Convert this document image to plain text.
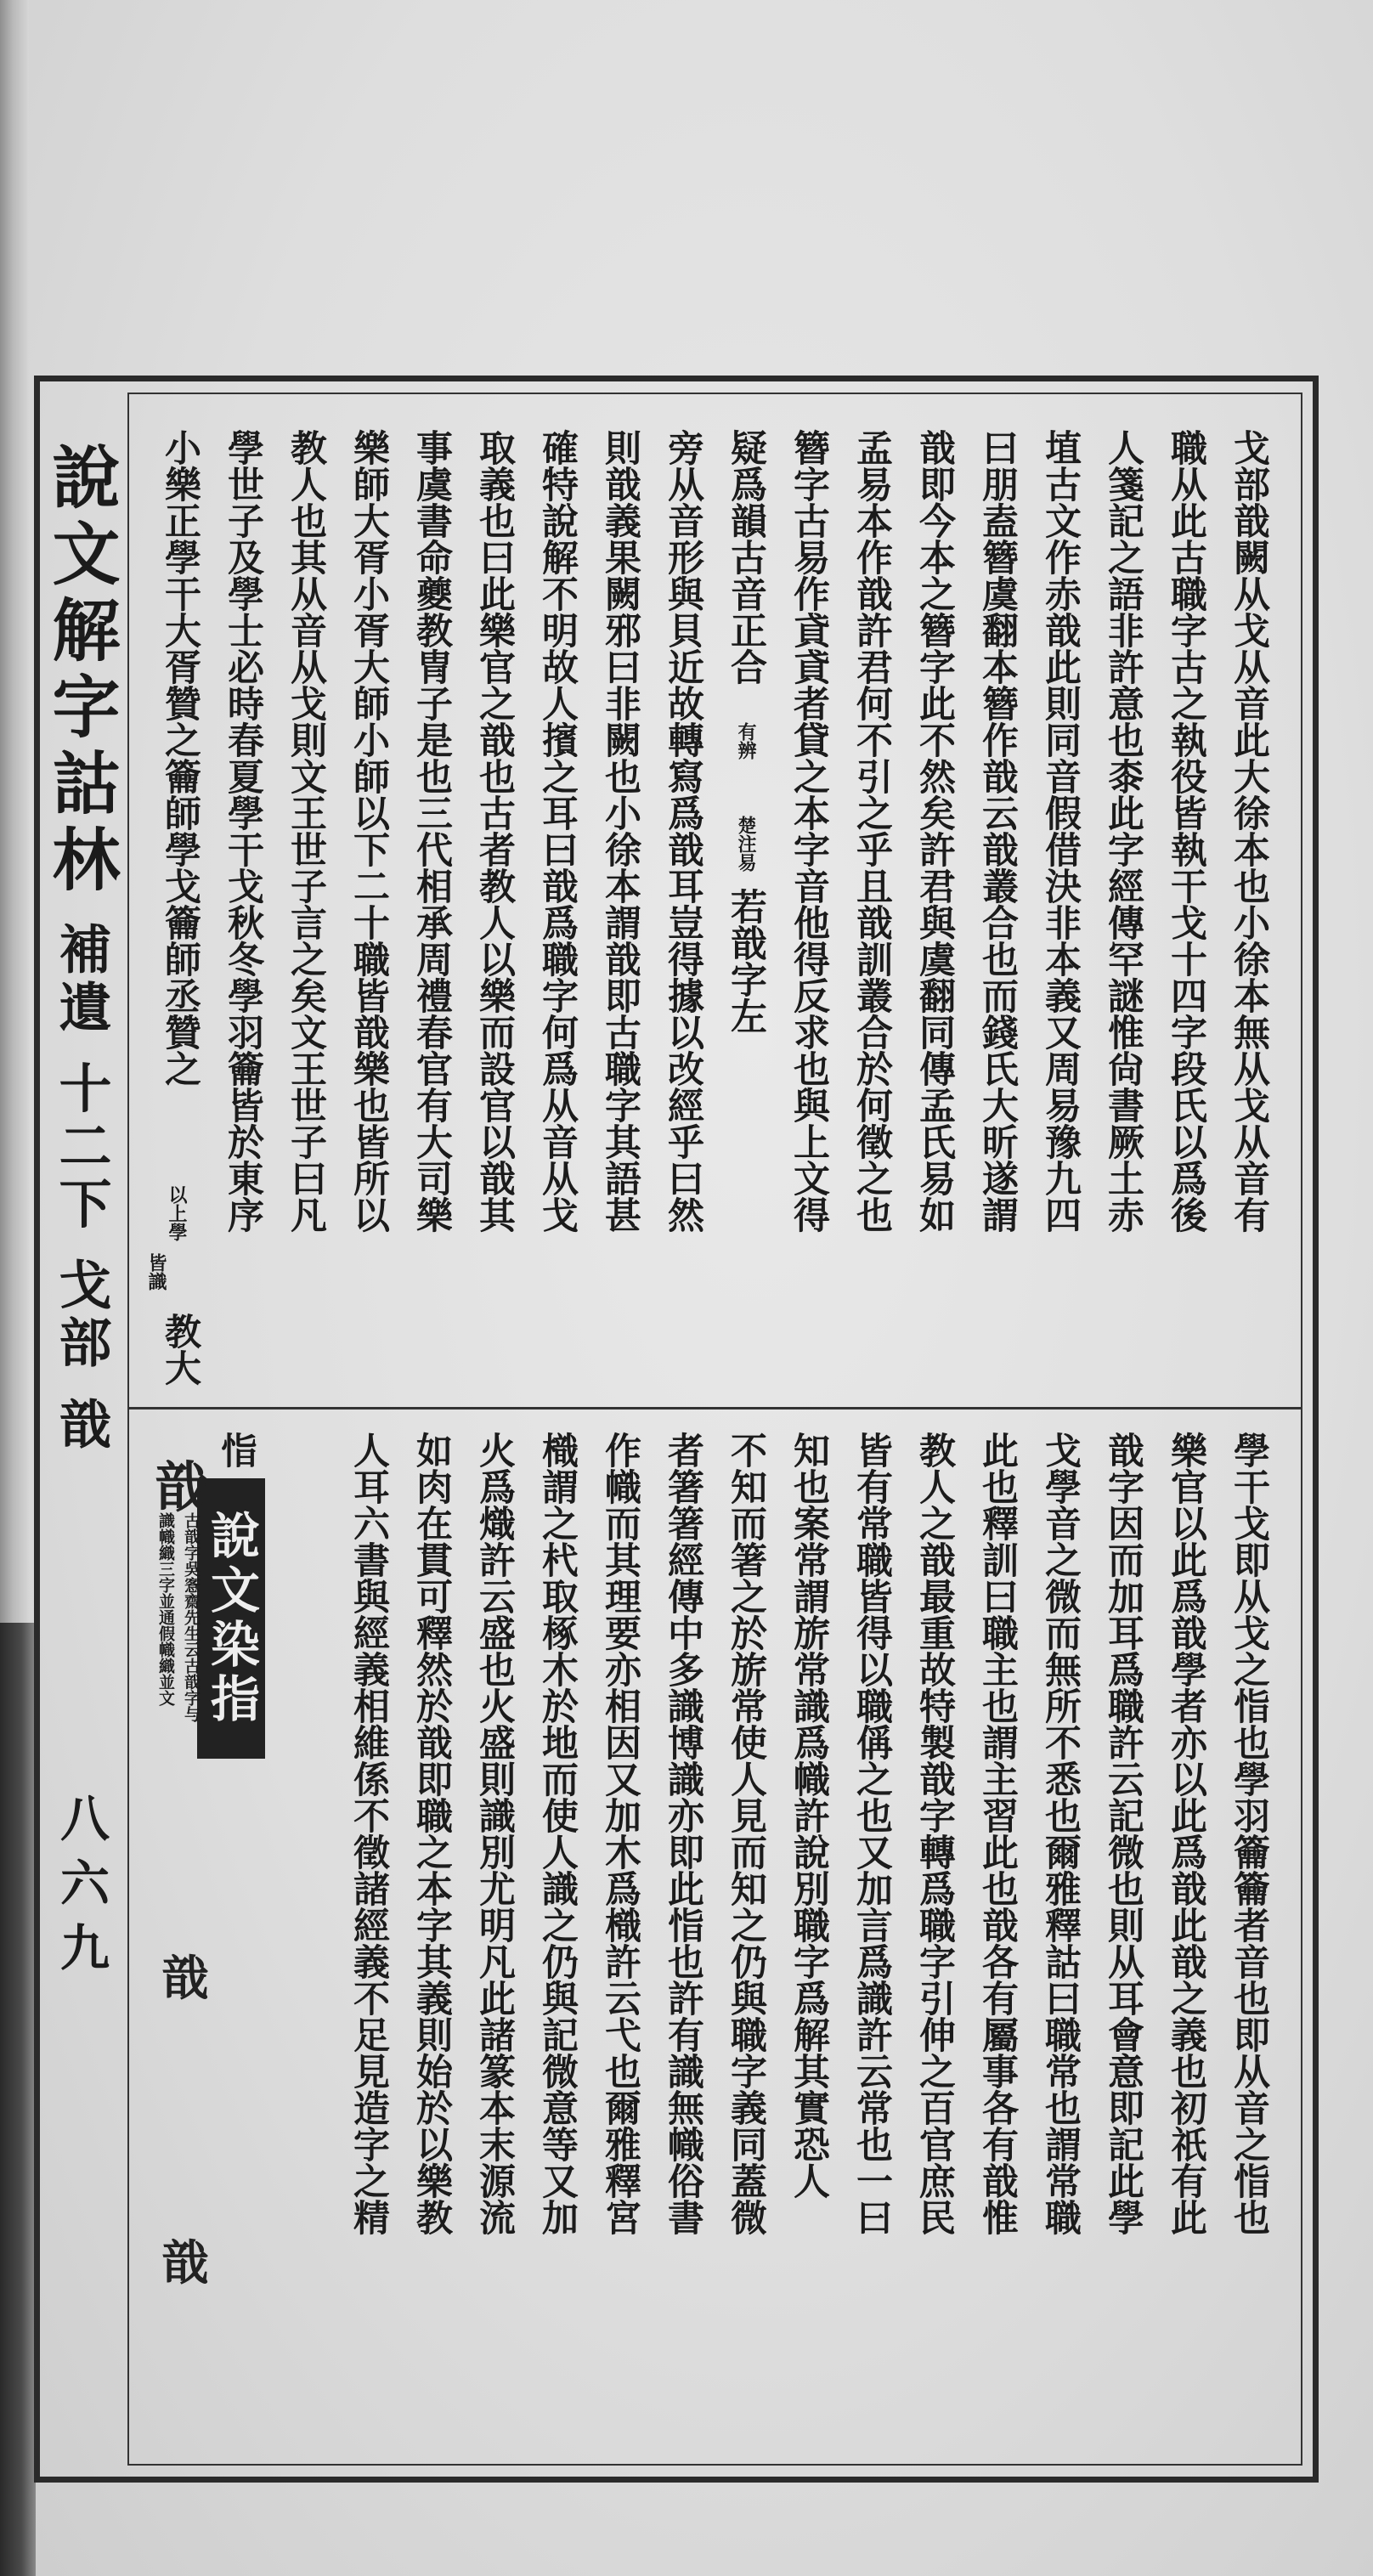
說文解字詁林
補遺 十二下 戈部 戠
八六九
戈部戠闕从戈从音此大徐本也小徐本無从戈从音有
職从此古職字古之執役皆執干戈十四字段氏以爲後
人箋記之語非許意也桼此字經傳罕謎惟尙書厥土赤
埴古文作赤戠此則同音假借決非本義又周易豫九四
曰朋盍簪虞翻本簪作戠云戠叢合也而錢氏大昕遂謂
戠即今本之簪字此不然矣許君與虞翻同傳孟氏易如
孟易本作戠許君何不引之乎且戠訓叢合於何徵之也
簪字古易作貣貣者貸之本字音他得反求也與上文得
疑爲韻古音正合
有辨
楚注易
若戠字左
旁从音形與貝近故轉寫爲戠耳豈得據以改經乎曰然
則戠義果闕邪曰非闕也小徐本謂戠即古職字其語甚
確特說解不明故人擯之耳曰戠爲職字何爲从音从戈
取義也曰此樂官之戠也古者教人以樂而設官以戠其
事虞書命夔教冑子是也三代相承周禮春官有大司樂
樂師大胥小胥大師小師以下二十職皆戠樂也皆所以
教人也其从音从戈則文王世子言之矣文王世子曰凡
學世子及學士必時春夏學干戈秋冬學羽籥皆於東序
小樂正學干大胥贊之籥師學戈籥師丞贊之
以上學
皆識
教大
學干戈即从戈之恉也學羽籥籥者音也即从音之恉也
樂官以此爲戠學者亦以此爲戠此戠之義也初祇有此
戠字因而加耳爲職許云記微也則从耳會意即記此學
戈學音之微而無所不悉也爾雅釋詁曰職常也謂常職
此也釋訓曰職主也謂主習此也戠各有屬事各有戠惟
教人之戠最重故特製戠字轉爲職字引伸之百官庶民
皆有常職皆得以職偁之也又加言爲識許云常也一曰
知也案常謂旂常識爲幟許說別職字爲解其實恐人
不知而箸之於旂常使人見而知之仍與職字義同蓋微
者箸箸經傳中多識博識亦即此恉也許有識無幟俗書
作幟而其理要亦相因又加木爲樴許云弋也爾雅釋宮
樴謂之杙取椓木於地而使人識之仍與記微意等又加
火爲熾許云盛也火盛則識別尤明凡此諸篆本末源流
如肉在貫可釋然於戠即職之本字其義則始於以樂教
人耳六書與經義相維係不徵諸經義不足見造字之精
恉
說文染指
戠
古戠字吳愙齋先生云古戠字与
識幟織三字並通假幟織並文
戠
戠
